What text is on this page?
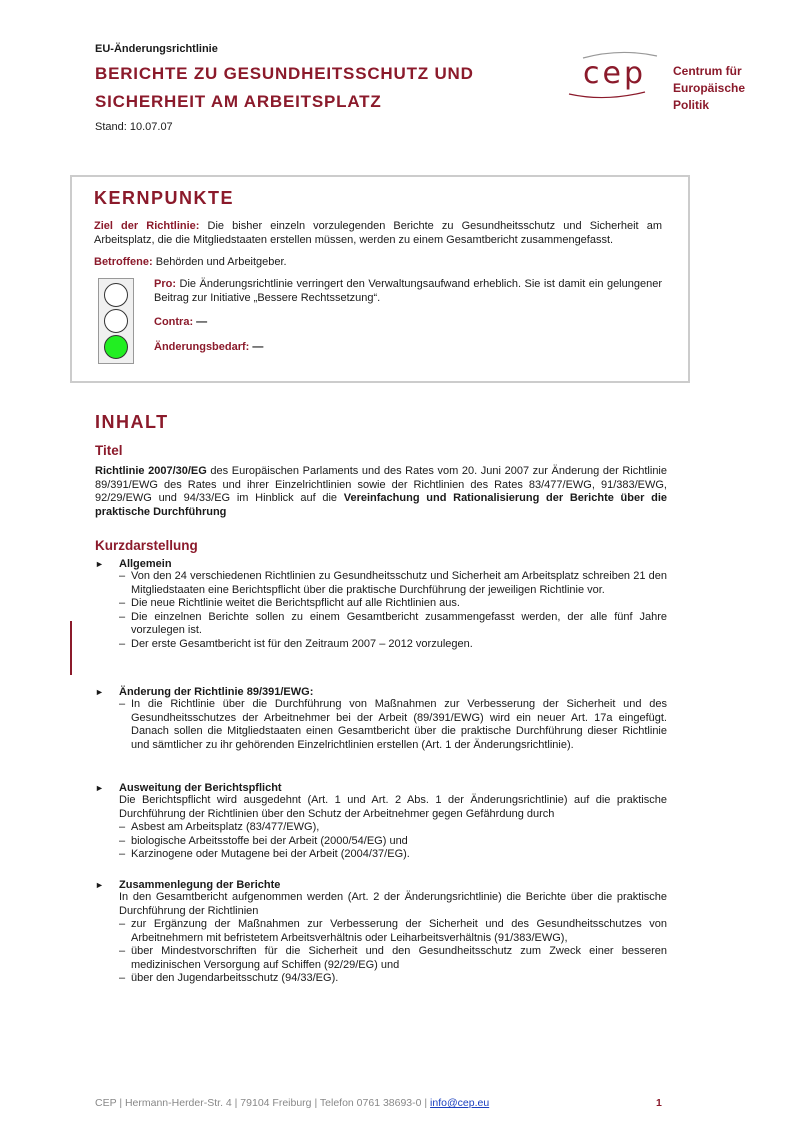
EU-Änderungsrichtlinie
BERICHTE ZU GESUNDHEITSSCHUTZ UND
SICHERHEIT AM ARBEITSPLATZ
Stand: 10.07.07
cep Centrum für
Europäische
Politik
KERNPUNKTE
Ziel der Richtlinie: Die bisher einzeln vorzulegenden Berichte zu Gesundheitsschutz und Sicherheit am Arbeitsplatz, die die Mitgliedstaaten erstellen müssen, werden zu einem Gesamtbericht zusammengefasst.
Betroffene: Behörden und Arbeitgeber.
Pro: Die Änderungsrichtlinie verringert den Verwaltungsaufwand erheblich. Sie ist damit ein gelungener Beitrag zur Initiative „Bessere Rechtssetzung“.
Contra: —
Änderungsbedarf: —
INHALT
Titel
Richtlinie 2007/30/EG des Europäischen Parlaments und des Rates vom 20. Juni 2007 zur Änderung der Richtlinie 89/391/EWG des Rates und ihrer Einzelrichtlinien sowie der Richtlinien des Rates 83/477/EWG, 91/383/EWG, 92/29/EWG und 94/33/EG im Hinblick auf die Vereinfachung und Rationalisierung der Berichte über die praktische Durchführung
Kurzdarstellung
► Allgemein
– Von den 24 verschiedenen Richtlinien zu Gesundheitsschutz und Sicherheit am Arbeitsplatz schreiben 21 den Mitgliedstaaten eine Berichtspflicht über die praktische Durchführung der jeweiligen Richtlinie vor.
– Die neue Richtlinie weitet die Berichtspflicht auf alle Richtlinien aus.
– Die einzelnen Berichte sollen zu einem Gesamtbericht zusammengefasst werden, der alle fünf Jahre vorzulegen ist.
– Der erste Gesamtbericht ist für den Zeitraum 2007 – 2012 vorzulegen.
► Änderung der Richtlinie 89/391/EWG:
– In die Richtlinie über die Durchführung von Maßnahmen zur Verbesserung der Sicherheit und des Gesundheitsschutzes der Arbeitnehmer bei der Arbeit (89/391/EWG) wird ein neuer Art. 17a eingefügt. Danach sollen die Mitgliedstaaten einen Gesamtbericht über die praktische Durchführung dieser Richtlinie und sämtlicher zu ihr gehörenden Einzelrichtlinien erstellen (Art. 1 der Änderungsrichtlinie).
► Ausweitung der Berichtspflicht
Die Berichtspflicht wird ausgedehnt (Art. 1 und Art. 2 Abs. 1 der Änderungsrichtlinie) auf die praktische Durchführung der Richtlinien über den Schutz der Arbeitnehmer gegen Gefährdung durch
– Asbest am Arbeitsplatz (83/477/EWG),
– biologische Arbeitsstoffe bei der Arbeit (2000/54/EG) und
– Karzinogene oder Mutagene bei der Arbeit (2004/37/EG).
► Zusammenlegung der Berichte
In den Gesamtbericht aufgenommen werden (Art. 2 der Änderungsrichtlinie) die Berichte über die praktische Durchführung der Richtlinien
– zur Ergänzung der Maßnahmen zur Verbesserung der Sicherheit und des Gesundheitsschutzes von Arbeitnehmern mit befristetem Arbeitsverhältnis oder Leiharbeitsverhältnis (91/383/EWG),
– über Mindestvorschriften für die Sicherheit und den Gesundheitsschutz zum Zweck einer besseren medizinischen Versorgung auf Schiffen (92/29/EG) und
– über den Jugendarbeitsschutz (94/33/EG).
CEP | Hermann-Herder-Str. 4 | 79104 Freiburg | Telefon 0761 38693-0 | info@cep.eu	1
